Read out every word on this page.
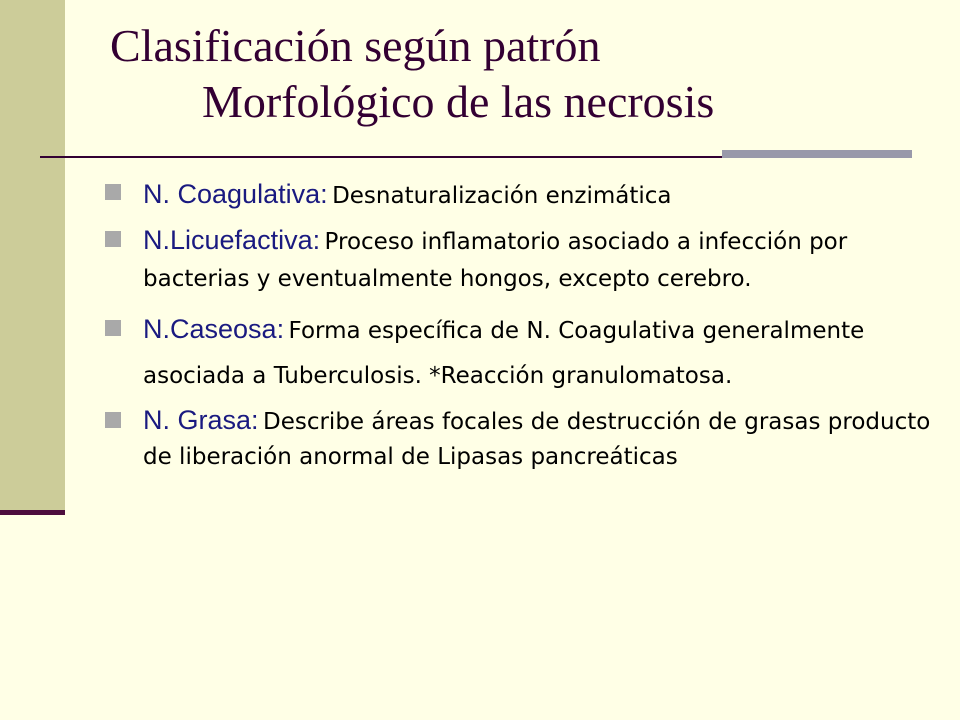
Clasificación según patrón
Morfológico de las necrosis
N. Coagulativa: Desnaturalización enzimática
N.Licuefactiva: Proceso inflamatorio asociado a infección por bacterias y eventualmente hongos, excepto cerebro.
N.Caseosa: Forma específica de N. Coagulativa generalmente asociada a Tuberculosis. *Reacción granulomatosa.
N. Grasa: Describe áreas focales de destrucción de grasas producto de liberación anormal de Lipasas pancreáticas
